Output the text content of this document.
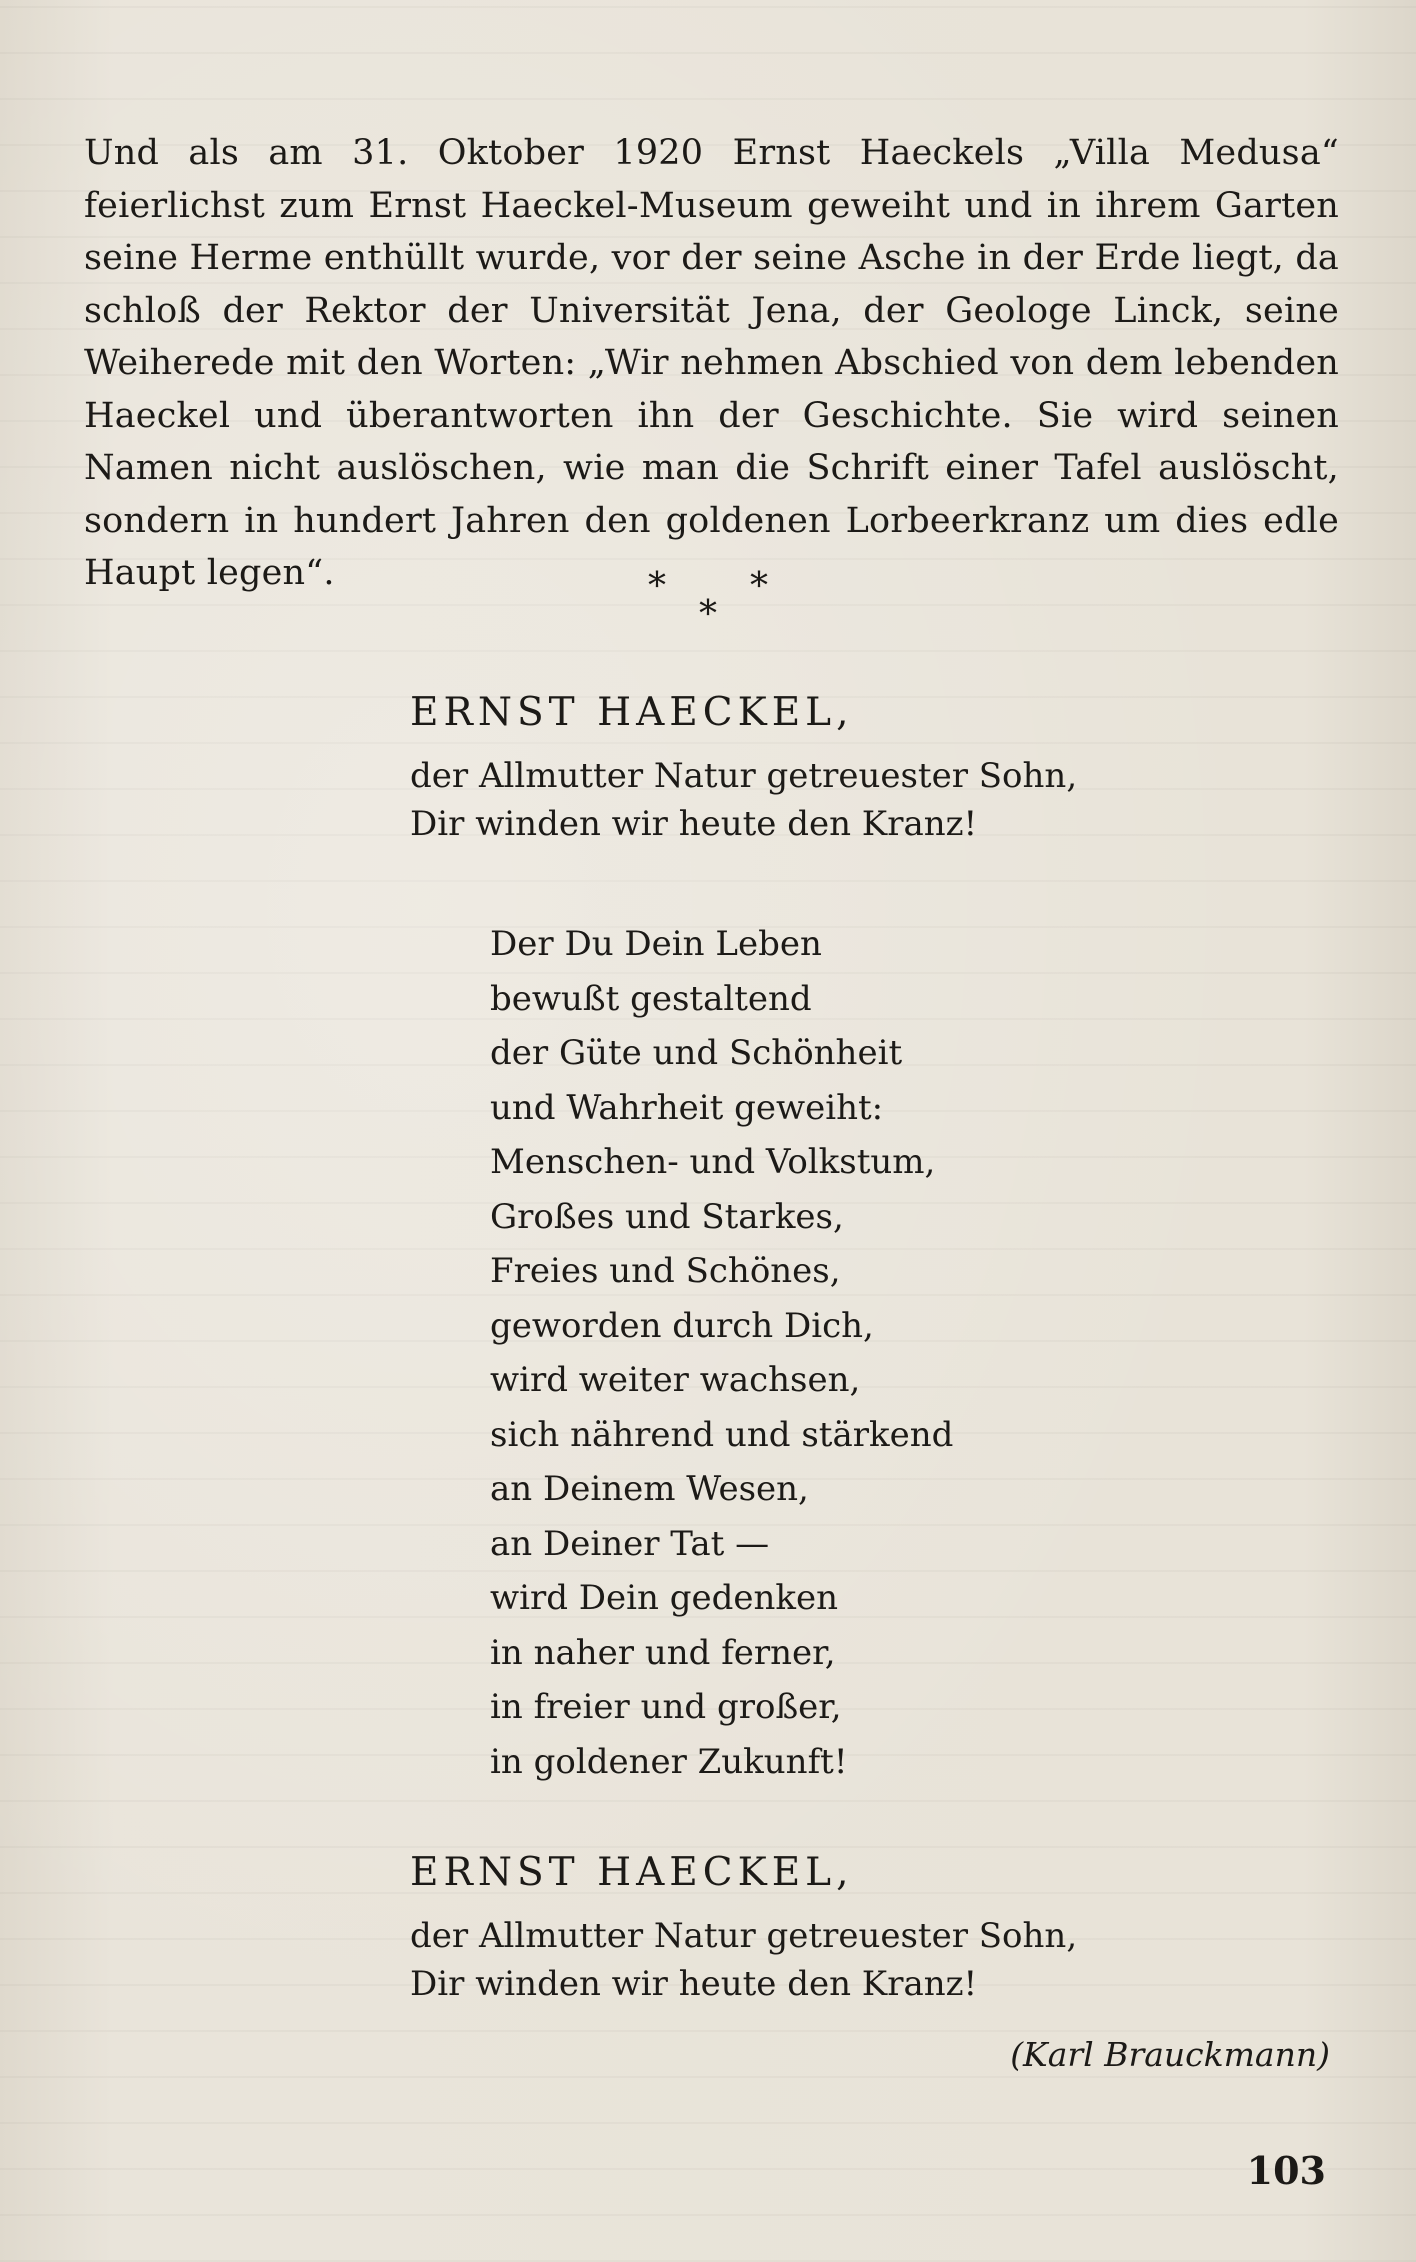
Und als am 31. Oktober 1920 Ernst Haeckels „Villa Medusa“ feierlichst zum Ernst Haeckel-Museum geweiht und in ihrem Garten seine Herme enthüllt wurde, vor der seine Asche in der Erde liegt, da schloß der Rektor der Universität Jena, der Geologe Linck, seine Weiherede mit den Worten: „Wir nehmen Abschied von dem lebenden Haeckel und überantworten ihn der Geschichte. Sie wird seinen Namen nicht auslöschen, wie man die Schrift einer Tafel auslöscht, sondern in hundert Jahren den goldenen Lorbeerkranz um dies edle Haupt legen“.	* *
*
ERNST HAECKEL,
der Allmutter Natur getreuester Sohn,
Dir winden wir heute den Kranz!
Der Du Dein Leben
bewußt gestaltend
der Güte und Schönheit
und Wahrheit geweiht:
Menschen- und Volkstum,
Großes und Starkes,
Freies und Schönes,
geworden durch Dich,
wird weiter wachsen,
sich nährend und stärkend
an Deinem Wesen,
an Deiner Tat —
wird Dein gedenken
in naher und ferner,
in freier und großer,
in goldener Zukunft!
ERNST HAECKEL,
der Allmutter Natur getreuester Sohn,
Dir winden wir heute den Kranz!
(Karl Brauckmann)
103
